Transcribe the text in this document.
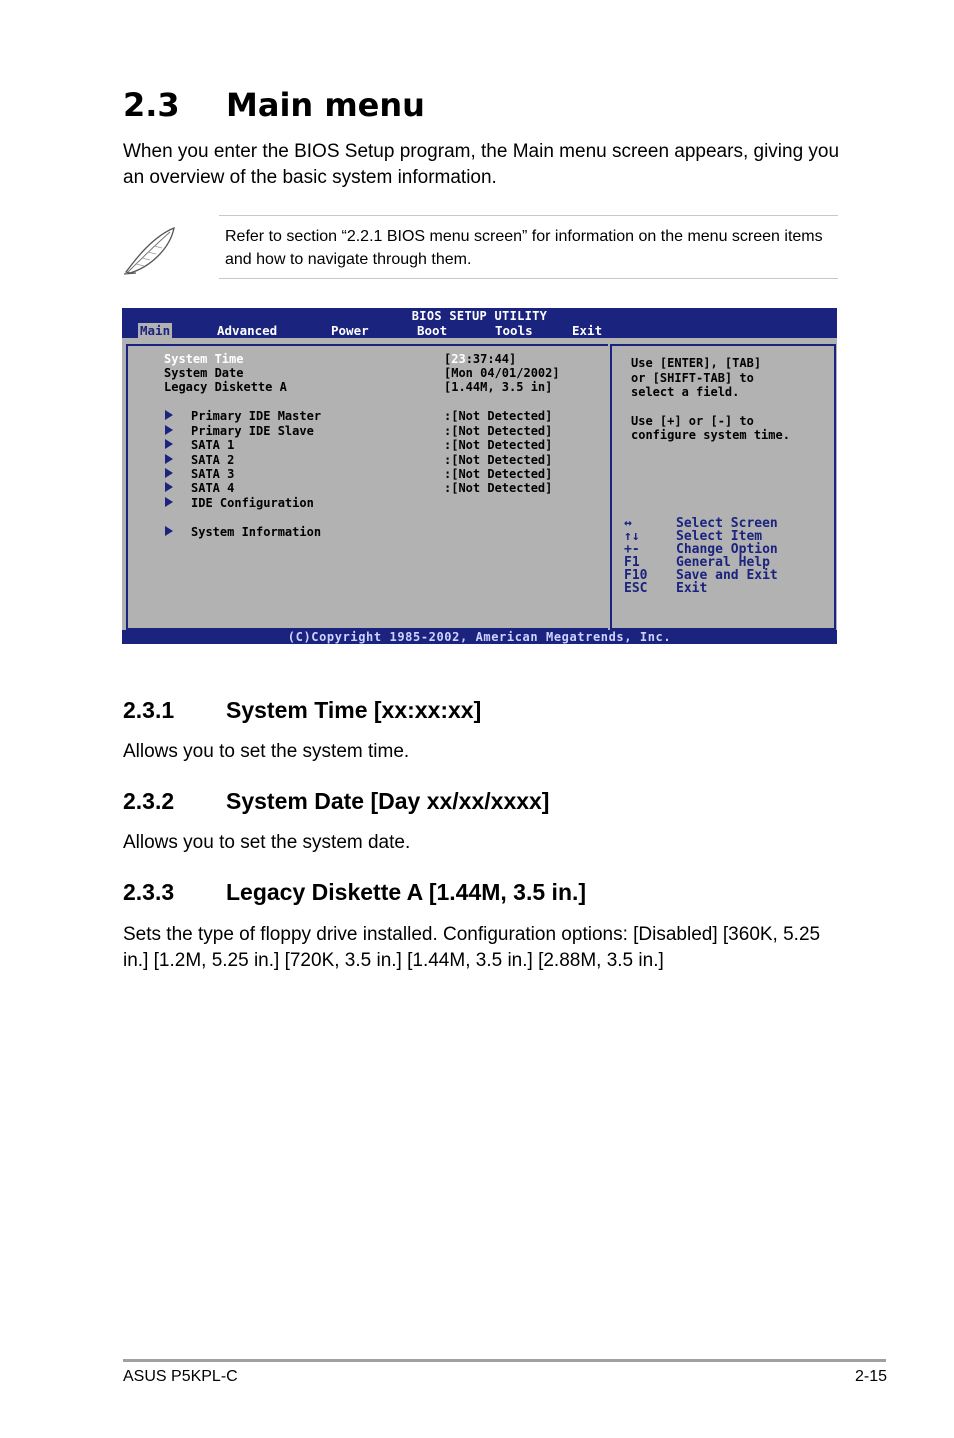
2.3 Main menu

When you enter the BIOS Setup program, the Main menu screen appears, giving you an overview of the basic system information.

Refer to section “2.2.1 BIOS menu screen” for information on the menu screen items and how to navigate through them.

BIOS SETUP UTILITY
Main	Advanced	Power	Boot	Tools	Exit
System Time	[23:37:44]
System Date	[Mon 04/01/2002]
Legacy Diskette A	[1.44M, 3.5 in]
Primary IDE Master	:[Not Detected]
Primary IDE Slave	:[Not Detected]
SATA 1	:[Not Detected]
SATA 2	:[Not Detected]
SATA 3	:[Not Detected]
SATA 4	:[Not Detected]
IDE Configuration
System Information
Use [ENTER], [TAB]
or [SHIFT-TAB] to
select a field.
Use [+] or [-] to
configure system time.
↔	Select Screen
↑↓	Select Item
+-	Change Option
F1	General Help
F10 Save and Exit
ESC Exit
(C)Copyright 1985-2002, American Megatrends, Inc.
2.3.1 System Time [xx:xx:xx]

Allows you to set the system time.

2.3.2 System Date [Day xx/xx/xxxx]

Allows you to set the system date.

2.3.3 Legacy Diskette A [1.44M, 3.5 in.]

Sets the type of floppy drive installed. Configuration options: [Disabled] [360K, 5.25 in.] [1.2M, 5.25 in.] [720K, 3.5 in.] [1.44M, 3.5 in.] [2.88M, 3.5 in.]

ASUS P5KPL-C	2-15
